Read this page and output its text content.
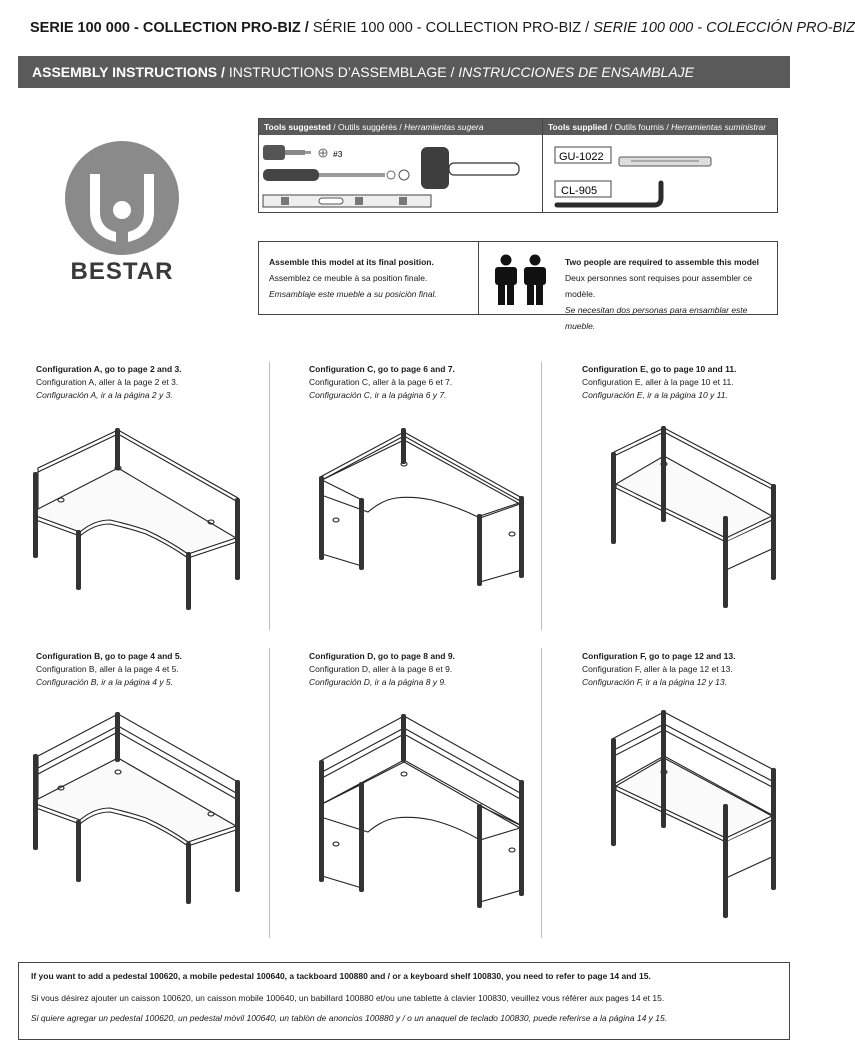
SERIE 100 000 - COLLECTION PRO-BIZ / SÉRIE 100 000 - COLLECTION PRO-BIZ / SERIE 100 000 - COLECCIÓN PRO-BIZ
ASSEMBLY INSTRUCTIONS / INSTRUCTIONS D’ASSEMBLAGE / INSTRUCCIONES DE ENSAMBLAJE
BESTAR
Tools suggested / Outils suggérés / Herramientas sugera	Tools supplied / Outils fournis / Herramientas suministrar
#3	GU-1022
CL-905
Assemble this model at its final position.
Assemblez ce meuble à sa position finale.
Emsamblaje este mueble a su posiciòn final.
Two people are required to assemble this model
Deux personnes sont requises pour assembler ce modèle.
Se necesitan dos personas para ensamblar este mueble.
Configuration A, go to page 2 and 3.
Configuration A, aller à la page 2 et 3.
Configuración A, ir a la página 2 y 3.
Configuration C, go to page 6 and 7.
Configuration C, aller à la page 6 et 7.
Configuración C, ir a la página 6 y 7.
Configuration E, go to page 10 and 11.
Configuration E, aller à la page 10 et 11.
Configuración E, ir a la página 10 y 11.
Configuration B, go to page 4 and 5.
Configuration B, aller à la page 4 et 5.
Configuración B, ir a la página 4 y 5.
Configuration D, go to page 8 and 9.
Configuration D, aller à la page 8 et 9.
Configuración D, ir a la página 8 y 9.
Configuration F, go to page 12 and 13.
Configuration F, aller à la page 12 et 13.
Configuración F, ir a la página 12 y 13.
If you want to add a pedestal 100620, a mobile pedestal 100640, a tackboard 100880 and / or a keyboard shelf 100830, you need to refer to page 14 and 15.
Si vous désirez ajouter un caisson 100620, un caisson mobile 100640, un babillard 100880 et/ou une tablette à clavier 100830, veuillez vous référer aux pages 14 et 15.
Si quiere agregar un pedestal 100620, un pedestal mòvil 100640, un tablòn de anoncios 100880 y / o un anaquel de teclado 100830, puede referirse a la página 14 y 15.
